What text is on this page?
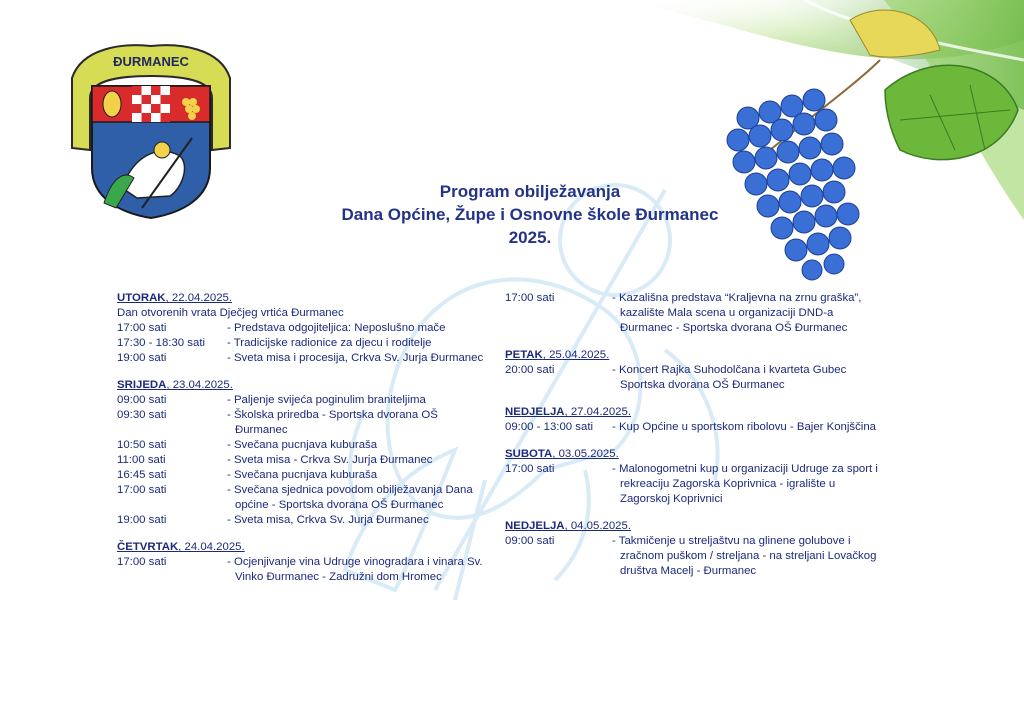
ĐURMANEC
Program obilježavanja
Dana Općine, Župe i Osnovne škole Đurmanec
2025.
UTORAK, 22.04.2025.
Dan otvorenih vrata Dječjeg vrtića Đurmanec
17:00 sati	- Predstava odgojiteljica: Neposlušno mače
17:30 - 18:30 sati	- Tradicijske radionice za djecu i roditelje
19:00 sati	- Sveta misa i procesija, Crkva Sv. Jurja Đurmanec
SRIJEDA, 23.04.2025.
09:00 sati	- Paljenje svijeća poginulim braniteljima
09:30 sati	- Školska priredba - Sportska dvorana OŠ Đurmanec
10:50 sati	- Svečana pucnjava kuburaša
11:00 sati	- Sveta misa - Crkva Sv. Jurja Đurmanec
16:45 sati	- Svečana pucnjava kuburaša
17:00 sati	- Svečana sjednica povodom obilježavanja Dana općine - Sportska dvorana OŠ Đurmanec
19:00 sati	- Sveta misa, Crkva Sv. Jurja Đurmanec
ČETVRTAK, 24.04.2025.
17:00 sati	- Ocjenjivanje vina Udruge vinogradara i vinara Sv. Vinko Đurmanec - Zadružni dom Hromec
17:00 sati	- Kazališna predstava “Kraljevna na zrnu graška”, kazalište Mala scena u organizaciji DND-a Đurmanec - Sportska dvorana OŠ Đurmanec
PETAK, 25.04.2025.
20:00 sati	- Koncert Rajka Suhodolčana i kvarteta Gubec Sportska dvorana OŠ Đurmanec
NEDJELJA, 27.04.2025.
09:00 - 13:00 sati	- Kup Općine u sportskom ribolovu - Bajer Konjščina
SUBOTA, 03.05.2025.
17:00 sati	- Malonogometni kup u organizaciji Udruge za sport i rekreaciju Zagorska Koprivnica - igralište u Zagorskoj Koprivnici
NEDJELJA, 04.05.2025.
09:00 sati	- Takmičenje u streljaštvu na glinene golubove i zračnom puškom / streljana - na streljani Lovačkog društva Macelj - Đurmanec
